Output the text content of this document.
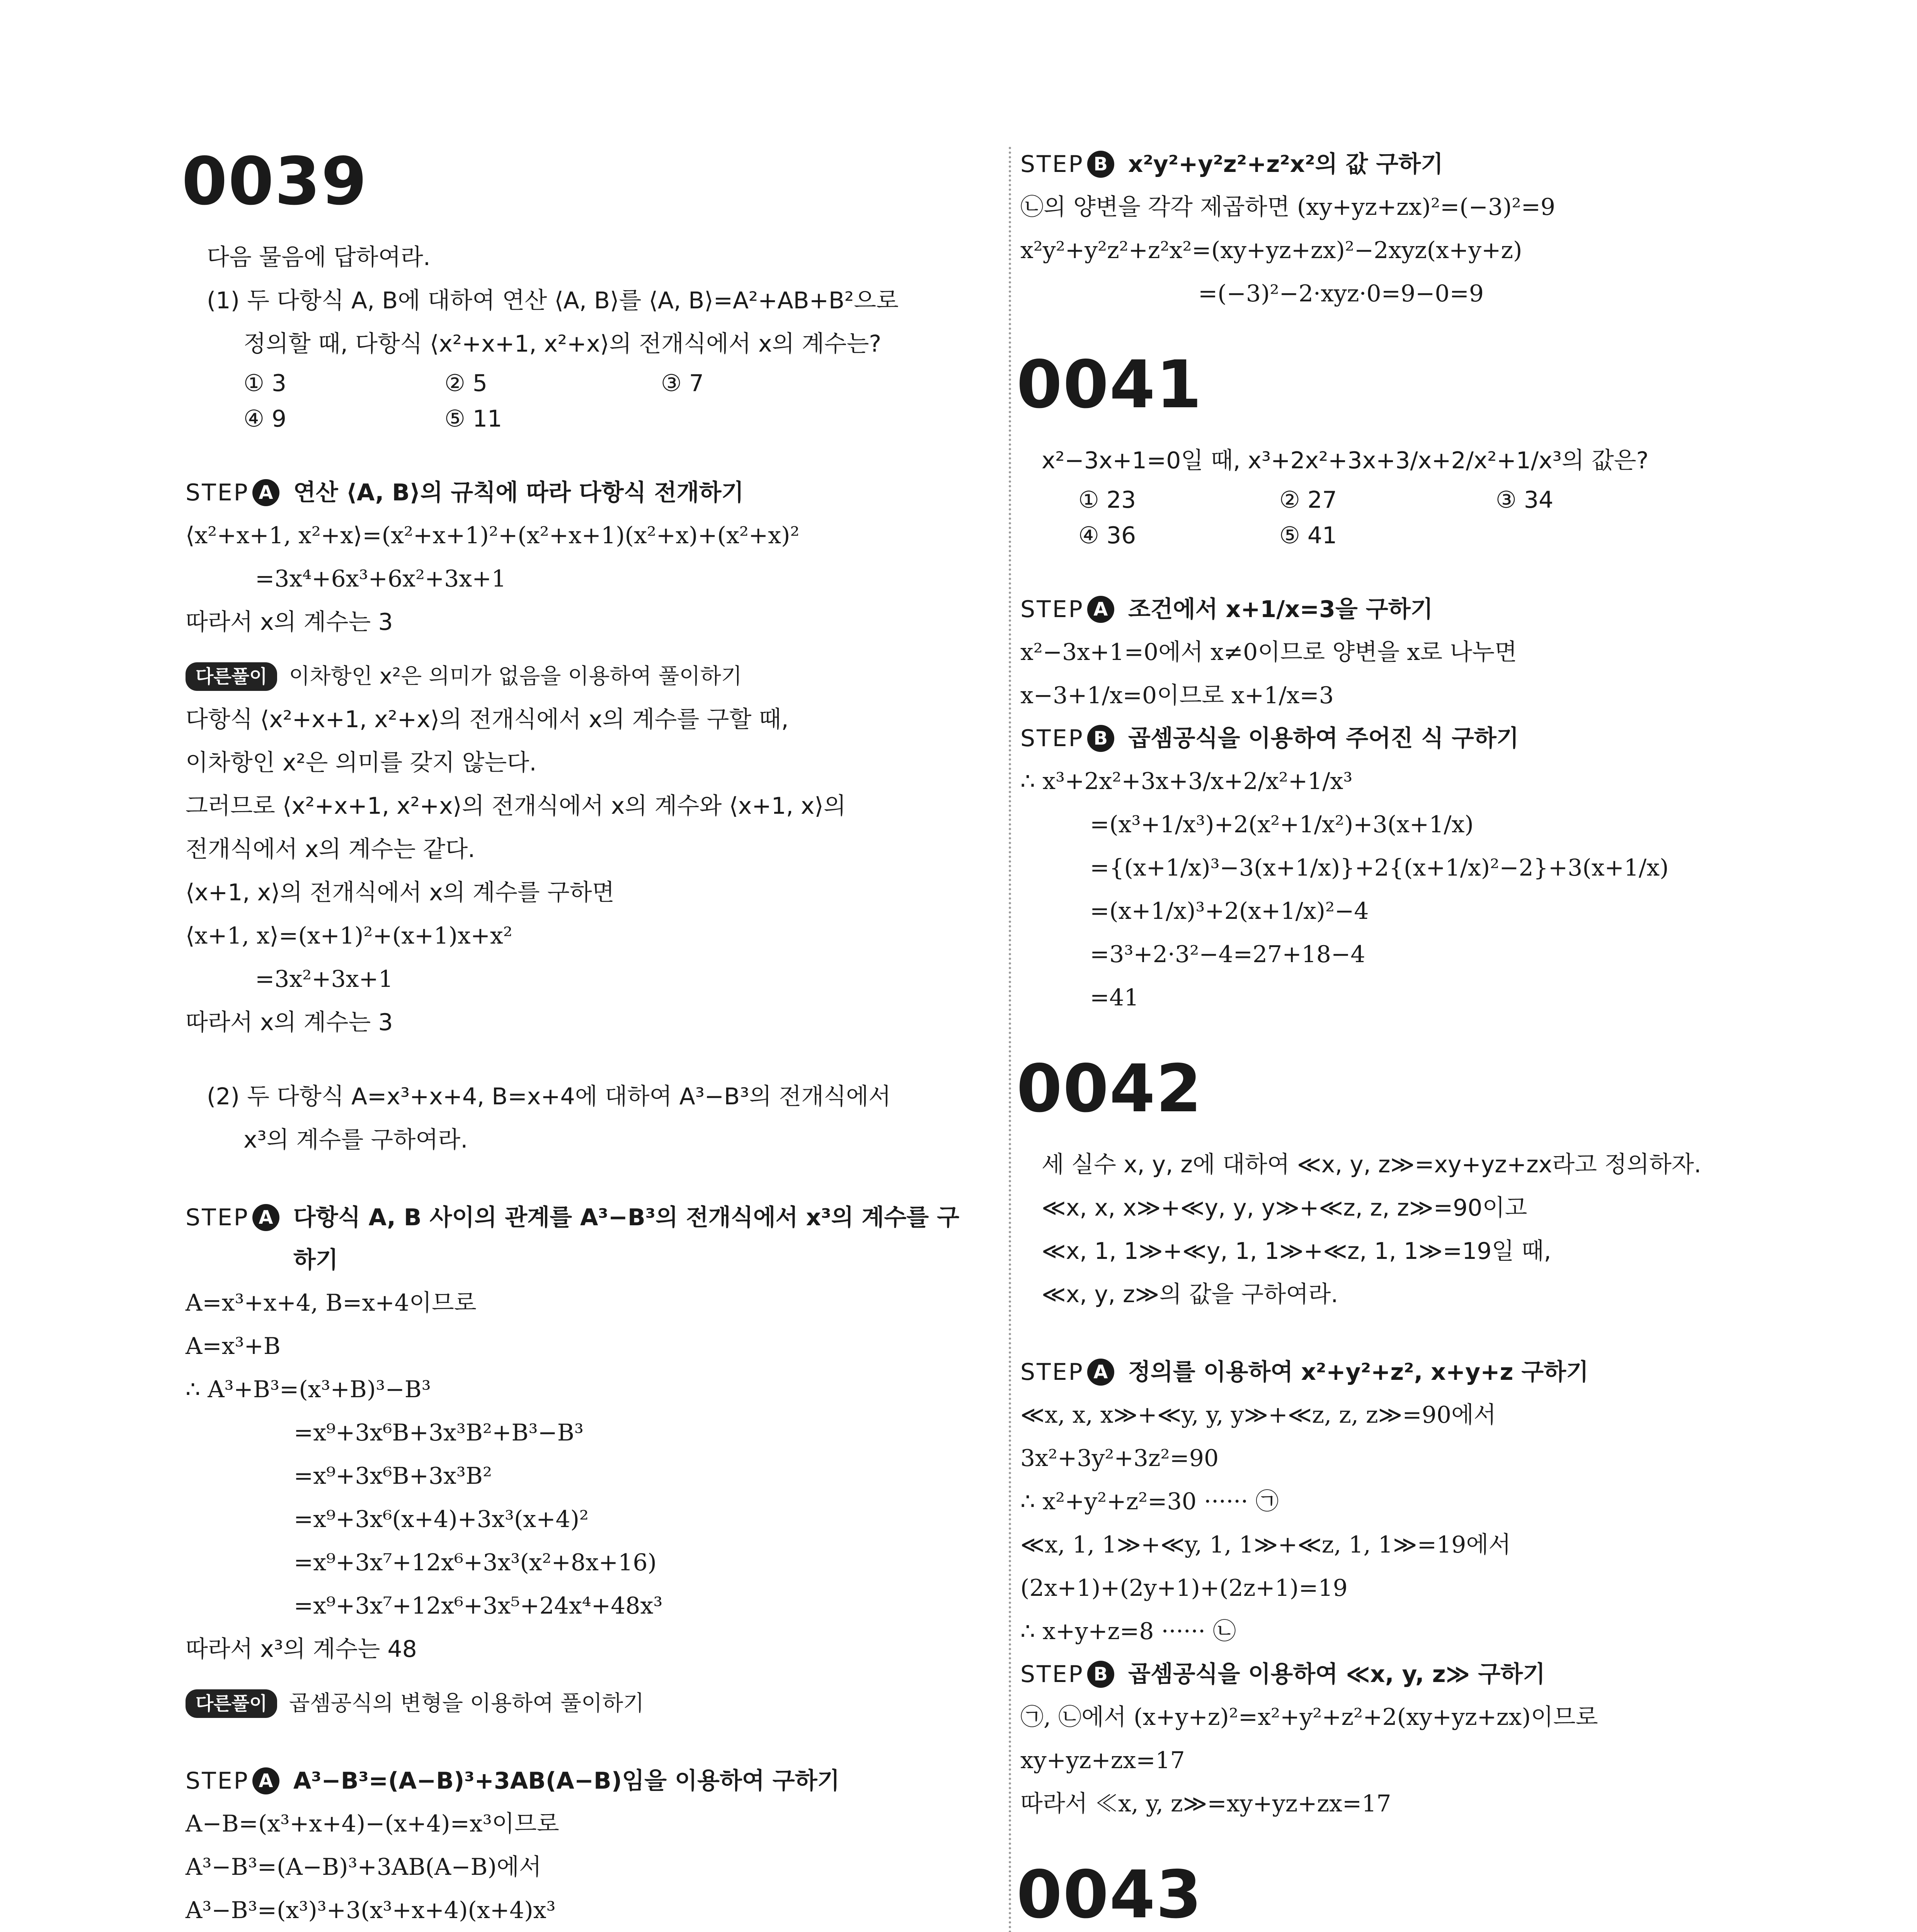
0039
다음 물음에 답하여라.
(1) 두 다항식 A, B에 대하여 연산 ⟨A, B⟩를 ⟨A, B⟩=A²+AB+B²으로
정의할 때, 다항식 ⟨x²+x+1, x²+x⟩의 전개식에서 x의 계수는?
① 3	② 5	③ 7
④ 9	⑤ 11
STEP A 연산 ⟨A, B⟩의 규칙에 따라 다항식 전개하기
⟨x²+x+1, x²+x⟩=(x²+x+1)²+(x²+x+1)(x²+x)+(x²+x)²
=3x⁴+6x³+6x²+3x+1
따라서 x의 계수는 3
다른풀이	이차항인 x²은 의미가 없음을 이용하여 풀이하기
다항식 ⟨x²+x+1, x²+x⟩의 전개식에서 x의 계수를 구할 때,
이차항인 x²은 의미를 갖지 않는다.
그러므로 ⟨x²+x+1, x²+x⟩의 전개식에서 x의 계수와 ⟨x+1, x⟩의
전개식에서 x의 계수는 같다.
⟨x+1, x⟩의 전개식에서 x의 계수를 구하면
⟨x+1, x⟩=(x+1)²+(x+1)x+x²
=3x²+3x+1
따라서 x의 계수는 3
(2) 두 다항식 A=x³+x+4, B=x+4에 대하여 A³−B³의 전개식에서
x³의 계수를 구하여라.
STEP A 다항식 A, B 사이의 관계를 A³−B³의 전개식에서 x³의 계수를 구하기
A=x³+x+4, B=x+4이므로
A=x³+B
∴ A³+B³=(x³+B)³−B³
=x⁹+3x⁶B+3x³B²+B³−B³
=x⁹+3x⁶B+3x³B²
=x⁹+3x⁶(x+4)+3x³(x+4)²
=x⁹+3x⁷+12x⁶+3x³(x²+8x+16)
=x⁹+3x⁷+12x⁶+3x⁵+24x⁴+48x³
따라서 x³의 계수는 48
다른풀이	곱셈공식의 변형을 이용하여 풀이하기
STEP A A³−B³=(A−B)³+3AB(A−B)임을 이용하여 구하기
A−B=(x³+x+4)−(x+4)=x³이므로
A³−B³=(A−B)³+3AB(A−B)에서
A³−B³=(x³)³+3(x³+x+4)(x+4)x³
STEP B x²y²+y²z²+z²x²의 값 구하기
㉡의 양변을 각각 제곱하면 (xy+yz+zx)²=(−3)²=9
x²y²+y²z²+z²x²=(xy+yz+zx)²−2xyz(x+y+z)
=(−3)²−2·xyz·0=9−0=9
0041
x²−3x+1=0일 때, x³+2x²+3x+3/x+2/x²+1/x³의 값은?
① 23	② 27	③ 34
④ 36	⑤ 41
STEP A 조건에서 x+1/x=3을 구하기
x²−3x+1=0에서 x≠0이므로 양변을 x로 나누면
x−3+1/x=0이므로 x+1/x=3
STEP B 곱셈공식을 이용하여 주어진 식 구하기
∴ x³+2x²+3x+3/x+2/x²+1/x³
=(x³+1/x³)+2(x²+1/x²)+3(x+1/x)
={(x+1/x)³−3(x+1/x)}+2{(x+1/x)²−2}+3(x+1/x)
=(x+1/x)³+2(x+1/x)²−4
=3³+2·3²−4=27+18−4
=41
0042
세 실수 x, y, z에 대하여 ≪x, y, z≫=xy+yz+zx라고 정의하자.
≪x, x, x≫+≪y, y, y≫+≪z, z, z≫=90이고
≪x, 1, 1≫+≪y, 1, 1≫+≪z, 1, 1≫=19일 때,
≪x, y, z≫의 값을 구하여라.
STEP A 정의를 이용하여 x²+y²+z², x+y+z 구하기
≪x, x, x≫+≪y, y, y≫+≪z, z, z≫=90에서
3x²+3y²+3z²=90
∴ x²+y²+z²=30 ······ ㉠
≪x, 1, 1≫+≪y, 1, 1≫+≪z, 1, 1≫=19에서
(2x+1)+(2y+1)+(2z+1)=19
∴ x+y+z=8 ······ ㉡
STEP B 곱셈공식을 이용하여 ≪x, y, z≫ 구하기
㉠, ㉡에서 (x+y+z)²=x²+y²+z²+2(xy+yz+zx)이므로
xy+yz+zx=17
따라서 ≪x, y, z≫=xy+yz+zx=17
0043
